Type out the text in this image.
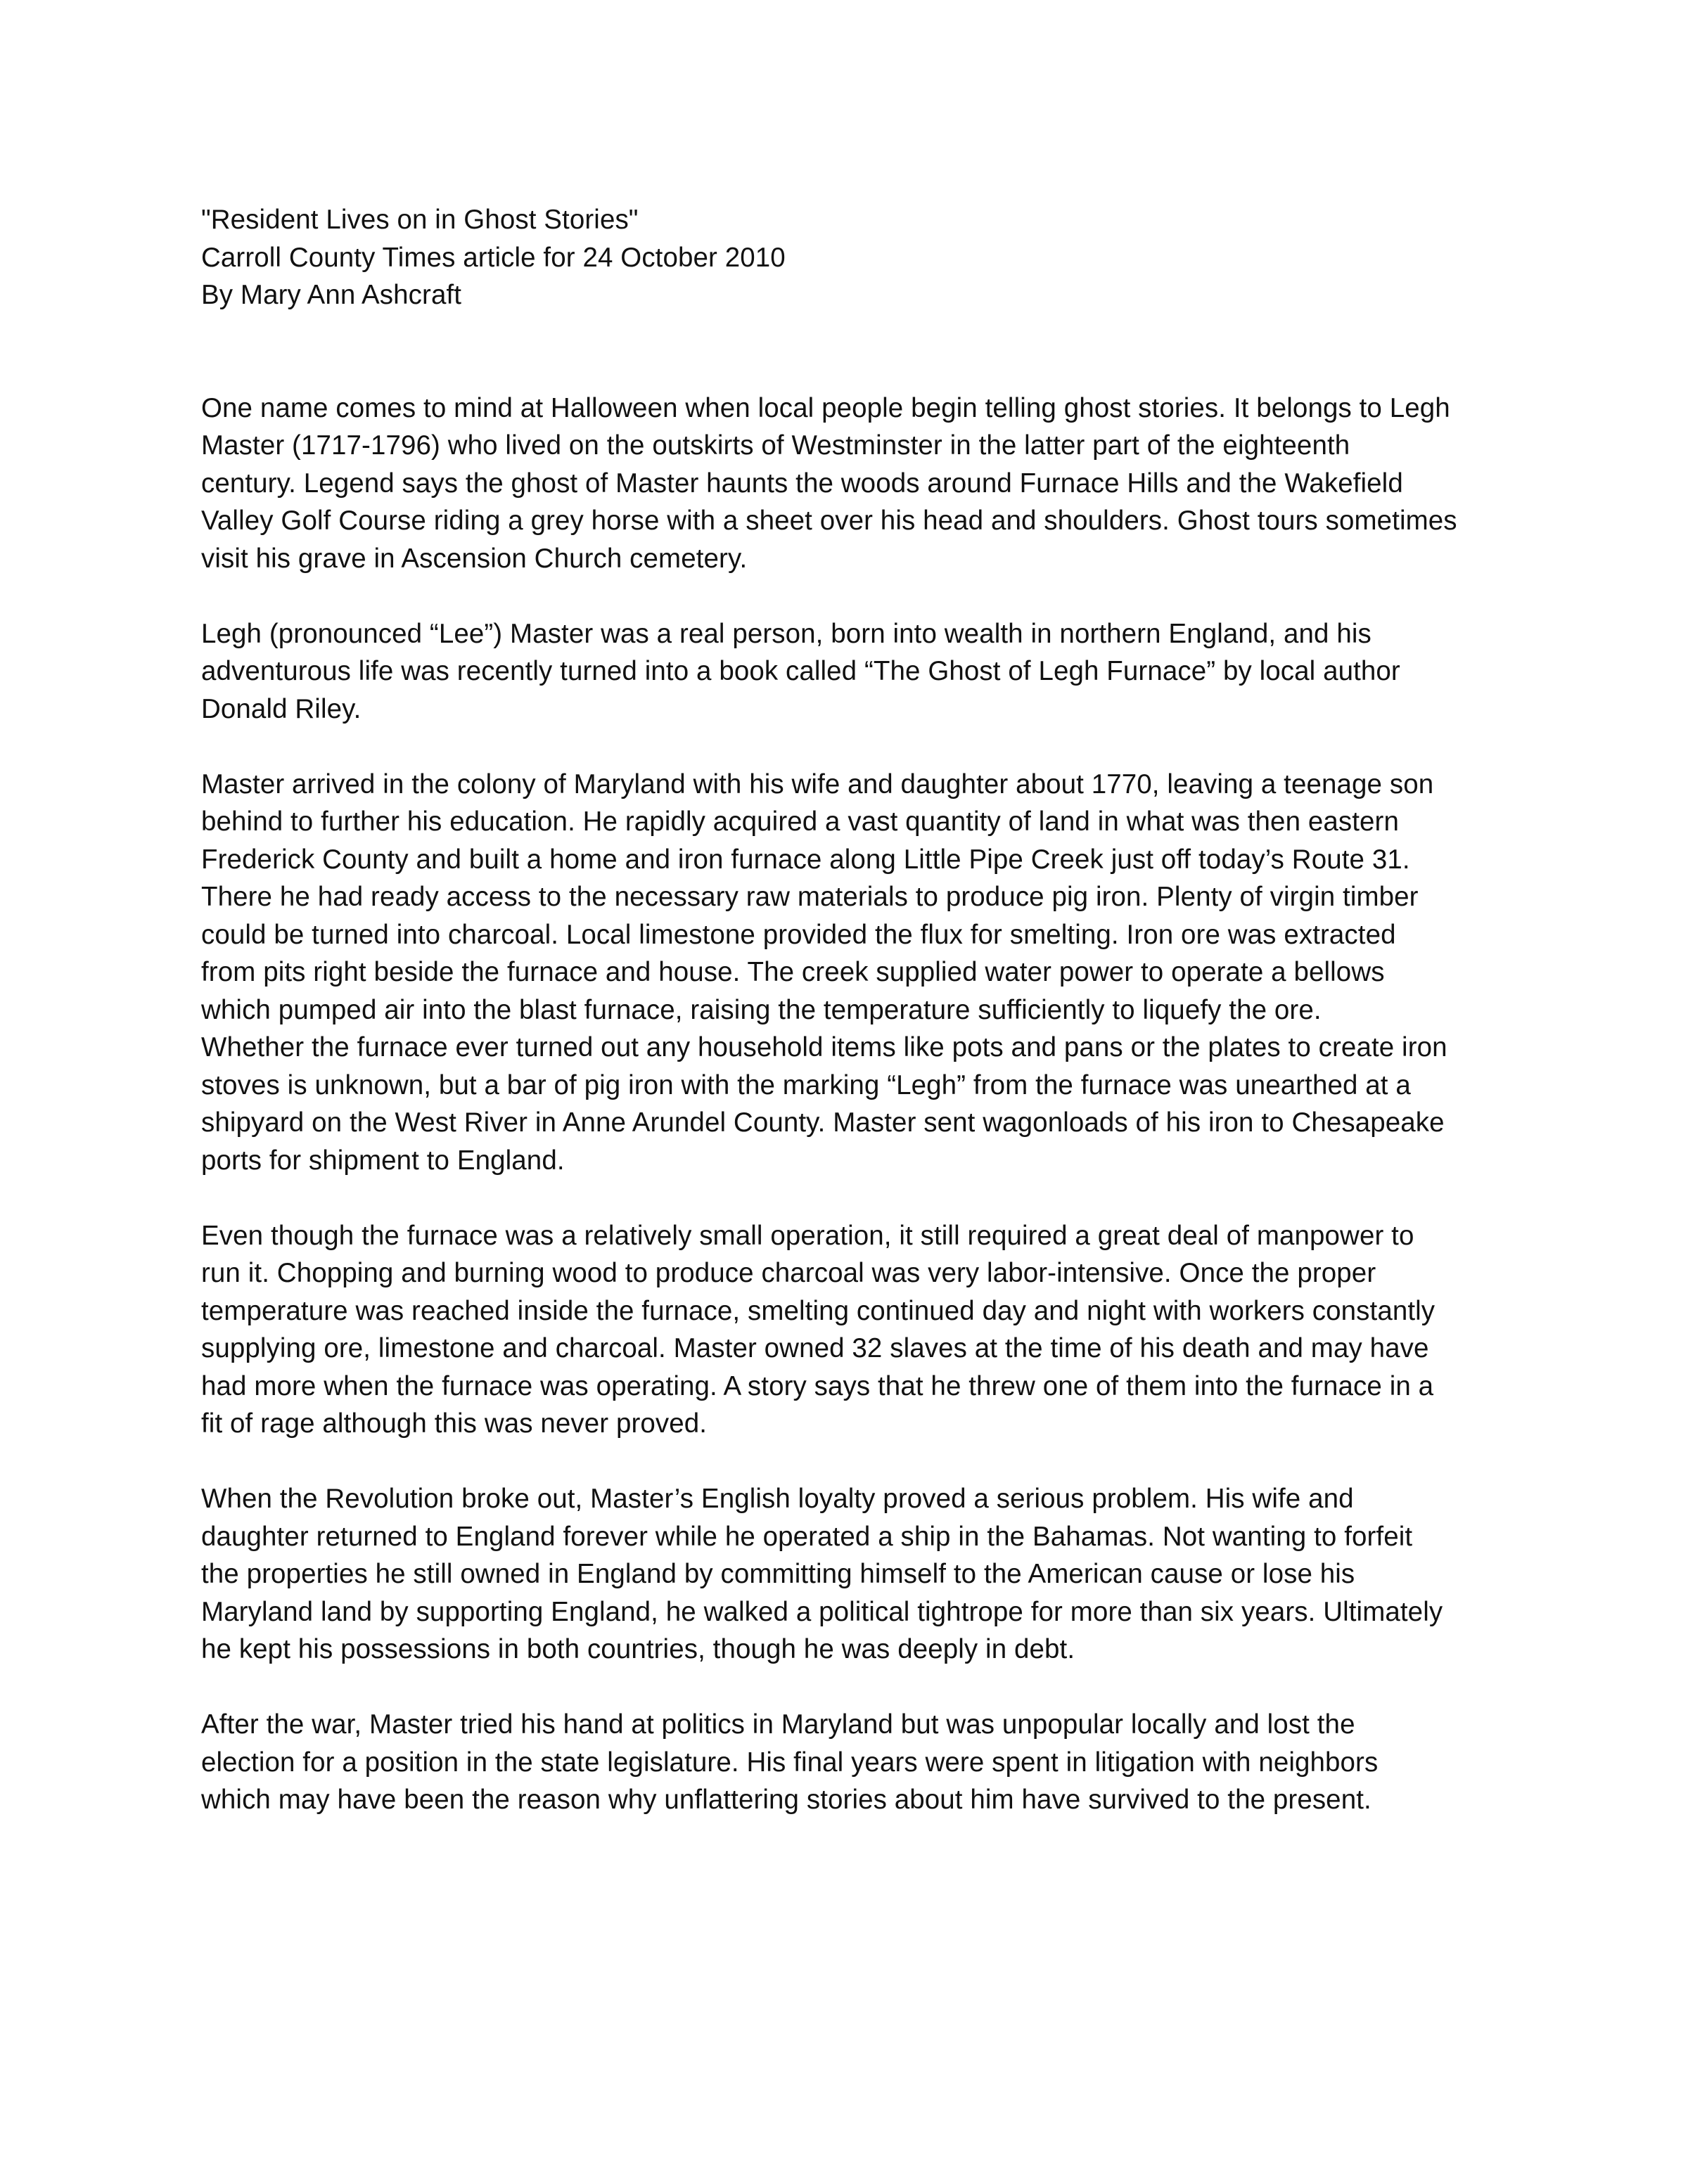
"Resident Lives on in Ghost Stories"
Carroll County Times article for 24 October 2010
By Mary Ann Ashcraft
One name comes to mind at Halloween when local people begin telling ghost stories. It belongs to Legh
Master (1717-1796) who lived on the outskirts of Westminster in the latter part of the eighteenth
century. Legend says the ghost of Master haunts the woods around Furnace Hills and the Wakefield
Valley Golf Course riding a grey horse with a sheet over his head and shoulders. Ghost tours sometimes
visit his grave in Ascension Church cemetery.
Legh (pronounced “Lee”) Master was a real person, born into wealth in northern England, and his
adventurous life was recently turned into a book called “The Ghost of Legh Furnace” by local author
Donald Riley.
Master arrived in the colony of Maryland with his wife and daughter about 1770, leaving a teenage son
behind to further his education. He rapidly acquired a vast quantity of land in what was then eastern
Frederick County and built a home and iron furnace along Little Pipe Creek just off today’s Route 31.
There he had ready access to the necessary raw materials to produce pig iron. Plenty of virgin timber
could be turned into charcoal. Local limestone provided the flux for smelting. Iron ore was extracted
from pits right beside the furnace and house. The creek supplied water power to operate a bellows
which pumped air into the blast furnace, raising the temperature sufficiently to liquefy the ore.
Whether the furnace ever turned out any household items like pots and pans or the plates to create iron
stoves is unknown, but a bar of pig iron with the marking “Legh” from the furnace was unearthed at a
shipyard on the West River in Anne Arundel County. Master sent wagonloads of his iron to Chesapeake
ports for shipment to England.
Even though the furnace was a relatively small operation, it still required a great deal of manpower to
run it. Chopping and burning wood to produce charcoal was very labor-intensive. Once the proper
temperature was reached inside the furnace, smelting continued day and night with workers constantly
supplying ore, limestone and charcoal. Master owned 32 slaves at the time of his death and may have
had more when the furnace was operating. A story says that he threw one of them into the furnace in a
fit of rage although this was never proved.
When the Revolution broke out, Master’s English loyalty proved a serious problem. His wife and
daughter returned to England forever while he operated a ship in the Bahamas. Not wanting to forfeit
the properties he still owned in England by committing himself to the American cause or lose his
Maryland land by supporting England, he walked a political tightrope for more than six years. Ultimately
he kept his possessions in both countries, though he was deeply in debt.
After the war, Master tried his hand at politics in Maryland but was unpopular locally and lost the
election for a position in the state legislature. His final years were spent in litigation with neighbors
which may have been the reason why unflattering stories about him have survived to the present.
